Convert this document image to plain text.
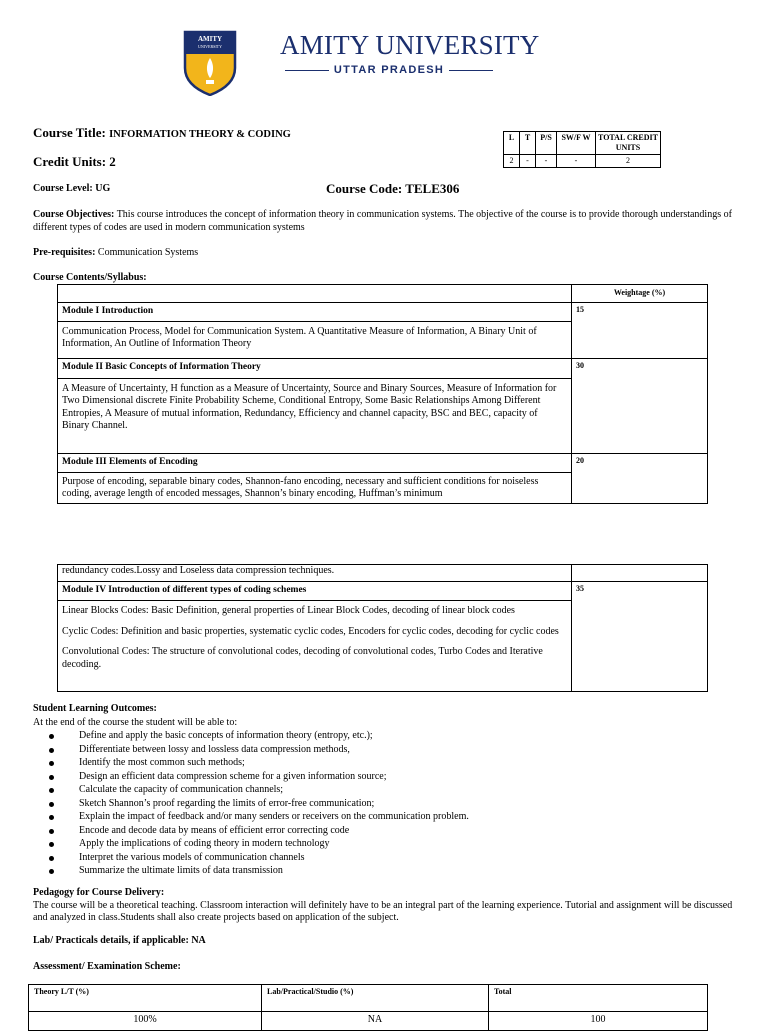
AMITY
UNIVERSITY AMITY UNIVERSITY
UTTAR PRADESH
Course Title: INFORMATION THEORY & CODING
Credit Units: 2
Course Level: UG	Course Code: TELE306
L	T	P/S	SW/F W	TOTAL CREDIT UNITS
2	-	-	-	2
Course Objectives: This course introduces the concept of information theory in communication systems. The objective of the course is to provide thorough understandings of different types of codes are used in modern communication systems
Pre-requisites: Communication Systems
Course Contents/Syllabus:
	Weightage (%)
Module I Introduction	15
Communication Process, Model for Communication System. A Quantitative Measure of Information, A Binary Unit of Information, An Outline of Information Theory	
Module II Basic Concepts of Information Theory	30
A Measure of Uncertainty, H function as a Measure of Uncertainty, Source and Binary Sources, Measure of Information for Two Dimensional discrete Finite Probability Scheme, Conditional Entropy, Some Basic Relationships Among Different Entropies, A Measure of mutual information, Redundancy, Efficiency and channel capacity, BSC and BEC, capacity of Binary Channel.	
Module III Elements of Encoding	20
Purpose of encoding, separable binary codes, Shannon-fano encoding, necessary and sufficient conditions for noiseless coding, average length of encoded messages, Shannon’s binary encoding, Huffman’s minimum	
redundancy codes.Lossy and Loseless data compression techniques.	
Module IV Introduction of different types of coding schemes	35

Linear Blocks Codes: Basic Definition, general properties of Linear Block Codes, decoding of linear block codes
Cyclic Codes: Definition and basic properties, systematic cyclic codes, Encoders for cyclic codes, decoding for cyclic codes
Convolutional Codes: The structure of convolutional codes, decoding of convolutional codes, Turbo Codes and Iterative decoding.	
Student Learning Outcomes:
At the end of the course the student will be able to:
Define and apply the basic concepts of information theory (entropy, etc.);
Differentiate between lossy and lossless data compression methods,
Identify the most common such methods;
Design an efficient data compression scheme for a given information source;
Calculate the capacity of communication channels;
Sketch Shannon’s proof regarding the limits of error-free communication;
Explain the impact of feedback and/or many senders or receivers on the communication problem.
Encode and decode data by means of efficient error correcting code
Apply the implications of coding theory in modern technology
Interpret the various models of communication channels
Summarize the ultimate limits of data transmission
Pedagogy for Course Delivery:
The course will be a theoretical teaching. Classroom interaction will definitely have to be an integral part of the learning experience. Tutorial and assignment will be discussed and analyzed in class.Students shall also create projects based on application of the subject.
Lab/ Practicals details, if applicable: NA
Assessment/ Examination Scheme:
Theory L/T (%)	Lab/Practical/Studio (%)	Total
100%	NA	100
